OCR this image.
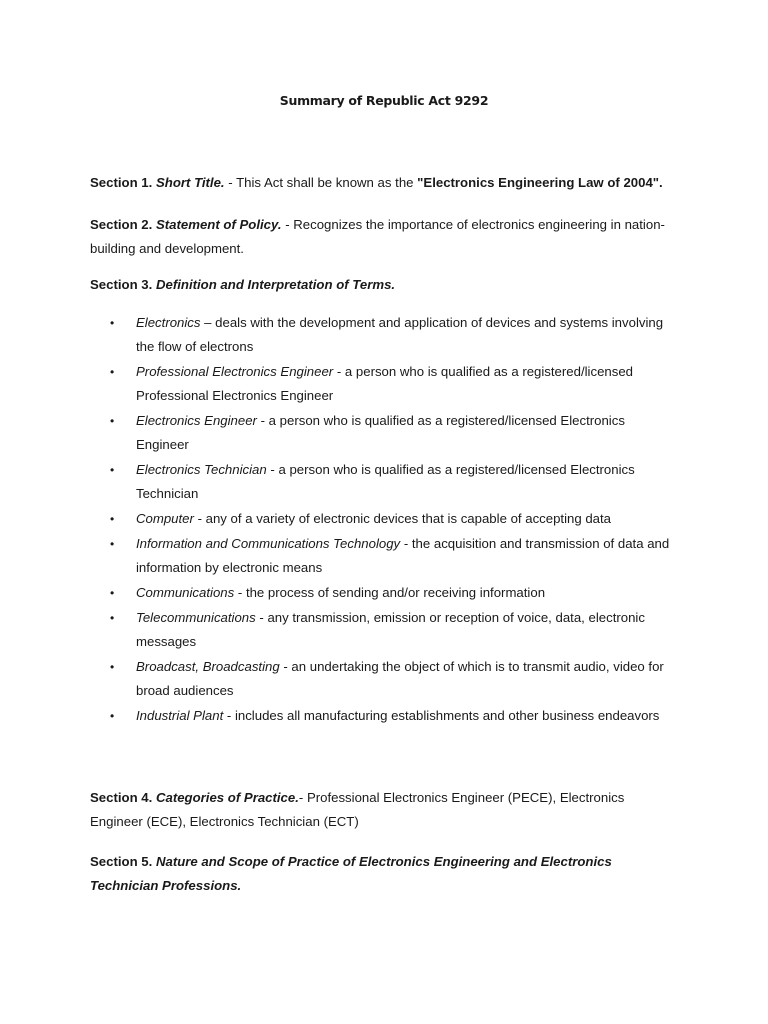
Summary of Republic Act 9292
Section 1. Short Title. - This Act shall be known as the "Electronics Engineering Law of 2004".
Section 2. Statement of Policy. - Recognizes the importance of electronics engineering in nation-building and development.
Section 3. Definition and Interpretation of Terms.
• Electronics – deals with the development and application of devices and systems involving the flow of electrons
• Professional Electronics Engineer - a person who is qualified as a registered/licensed Professional Electronics Engineer
• Electronics Engineer - a person who is qualified as a registered/licensed Electronics Engineer
• Electronics Technician - a person who is qualified as a registered/licensed Electronics Technician
• Computer - any of a variety of electronic devices that is capable of accepting data
• Information and Communications Technology - the acquisition and transmission of data and information by electronic means
• Communications - the process of sending and/or receiving information
• Telecommunications - any transmission, emission or reception of voice, data, electronic messages
• Broadcast, Broadcasting - an undertaking the object of which is to transmit audio, video for broad audiences
• Industrial Plant - includes all manufacturing establishments and other business endeavors
Section 4. Categories of Practice.- Professional Electronics Engineer (PECE), Electronics Engineer (ECE), Electronics Technician (ECT)
Section 5. Nature and Scope of Practice of Electronics Engineering and Electronics Technician Professions.
